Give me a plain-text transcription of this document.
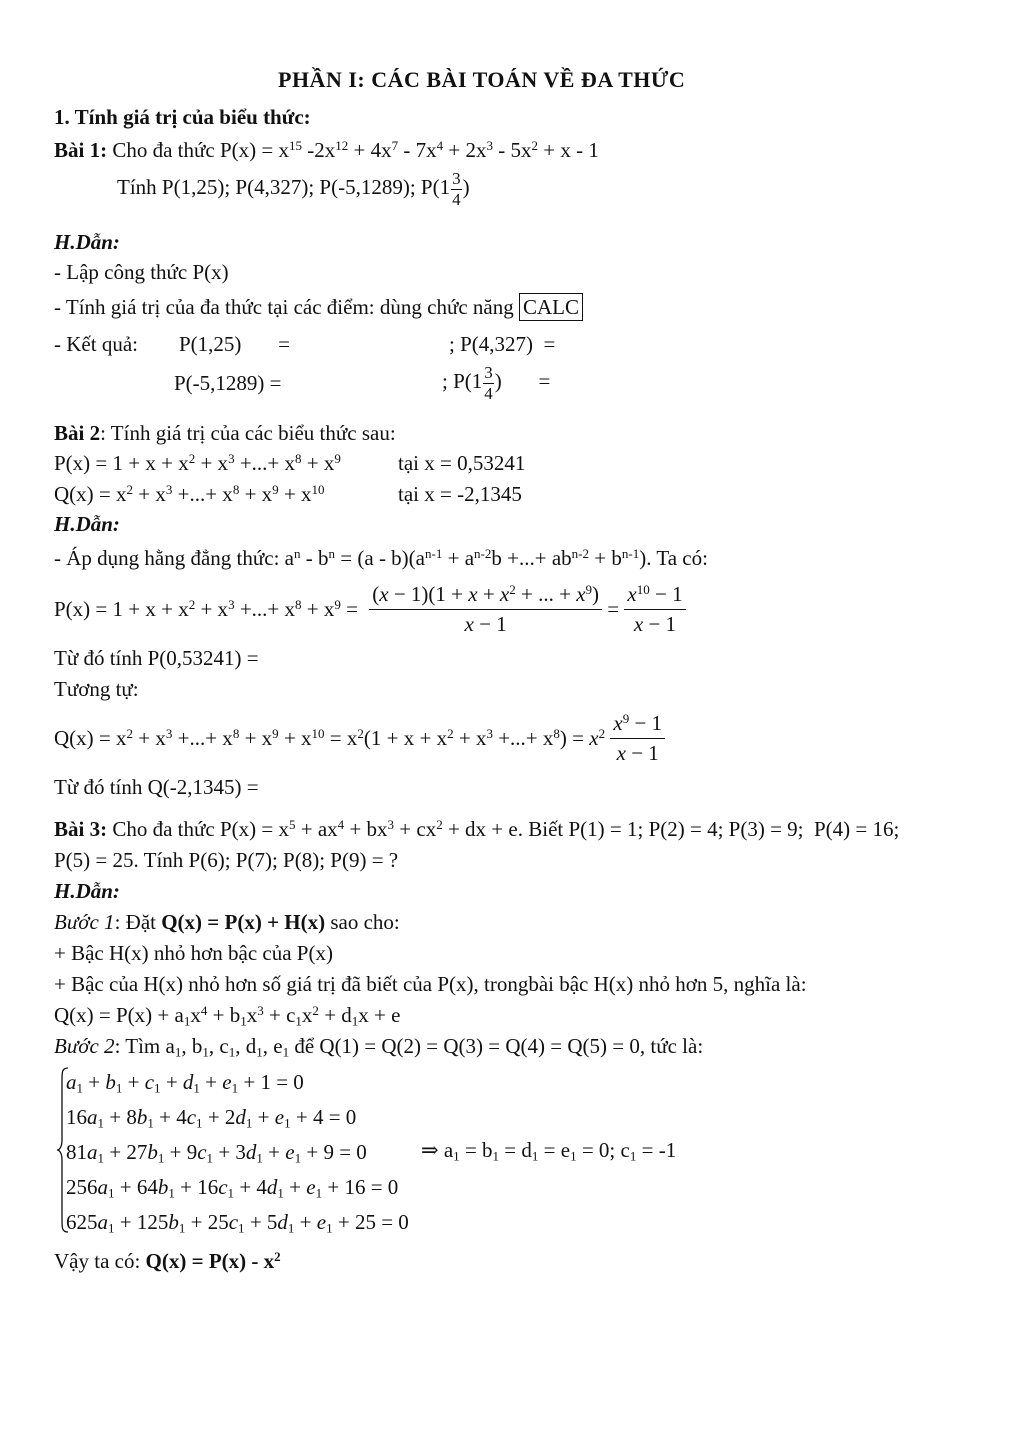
PHẦN I: CÁC BÀI TOÁN VỀ ĐA THỨC
1. Tính giá trị của biểu thức:
Bài 1: Cho đa thức $P(x) = x^{15}$ $-2x^{12} + 4x^7 - 7x^4 + 2x^3 - 5x^2 + x - 1$
Tính P(1,25); P(4,327); P(-5,1289); $P(1 \frac{3}{4}$ )
H.Dẫn:
- Lập công thức P(x)
- Tính giá trị của đa thức tại các điểm: dùng chức năng CALC
- Kết quả: P(1,25)       =	; P(4,327)  =
P(-5,1289) =	; $P(1 \frac{3}{4}$ )       =
Bài 2: Tính giá trị của các biểu thức sau:
$P(x) = 1 + x + x^2 + x^3$ +...+ $x^8 + x^9$	tại x = 0,53241
$Q(x) = x^2 + x^3$ +...+ $x^8 + x^9 + x^{10}$	tại x = -2,1345
H.Dẫn:
- Áp dụng hằng đẳng thức: $a^n - b^n = (a - b)(a^{n-1} + a^{n-2}b$ +...+ $ab^{n-2} + b^{n-1}$). Ta có:
$P(x) = 1 + x + x^2 + x^3$ +...+ $x^8 + x^9 = \frac{(x - 1)(1 + x + x^2 + ... + x^9)}{x - 1} = \frac{x^{10} - 1}{x - 1}$
Từ đó tính P(0,53241) =
Tương tự:
$Q(x) = x^2 + x^3$ +...+ $x^8 + x^9 + x^{10} = x^2(1 + x + x^2 + x^3$ +...+ $x^8) = x^2 \frac{x^9 - 1}{x - 1}$
Từ đó tính Q(-2,1345) =
Bài 3: Cho đa thức $P(x) = x^5 + ax^4 + bx^3 + cx^2$ + dx + e. Biết P(1) = 1; P(2) = 4; P(3) = 9;  P(4) = 16;
P(5) = 25. Tính P(6); P(7); P(8); P(9) = ?
H.Dẫn:
Bước 1: Đặt Q(x) = P(x) + H(x) sao cho:
+ Bậc H(x) nhỏ hơn bậc của P(x)
+ Bậc của H(x) nhỏ hơn số giá trị đã biết của P(x), trongbài bậc H(x) nhỏ hơn 5, nghĩa là:
$Q(x) = P(x) + a_1x^4 + b_1x^3 + c_1x^2 + d_1x + e$
Bước 2: Tìm $a_1$, $b_1$, $c_1$, $d_1$, $e_1$ để Q(1) = Q(2) = Q(3) = Q(4) = Q(5) = 0, tức là:
$a_1 + b_1 + c_1 + d_1 + e_1 + 1 = 0$
$16a_1 + 8b_1 + 4c_1 + 2d_1 + e_1 + 4 = 0$
$81a_1 + 27b_1 + 9c_1 + 3d_1 + e_1 + 9 = 0$
$256a_1 + 64b_1 + 16c_1 + 4d_1 + e_1 + 16 = 0$
$625a_1 + 125b_1 + 25c_1 + 5d_1 + e_1 + 25 = 0$
⇒ $a_1 = b_1 = d_1 = e_1 = 0$; $c_1 = -1$
Vậy ta có: $Q(x) = P(x) - x^2$
